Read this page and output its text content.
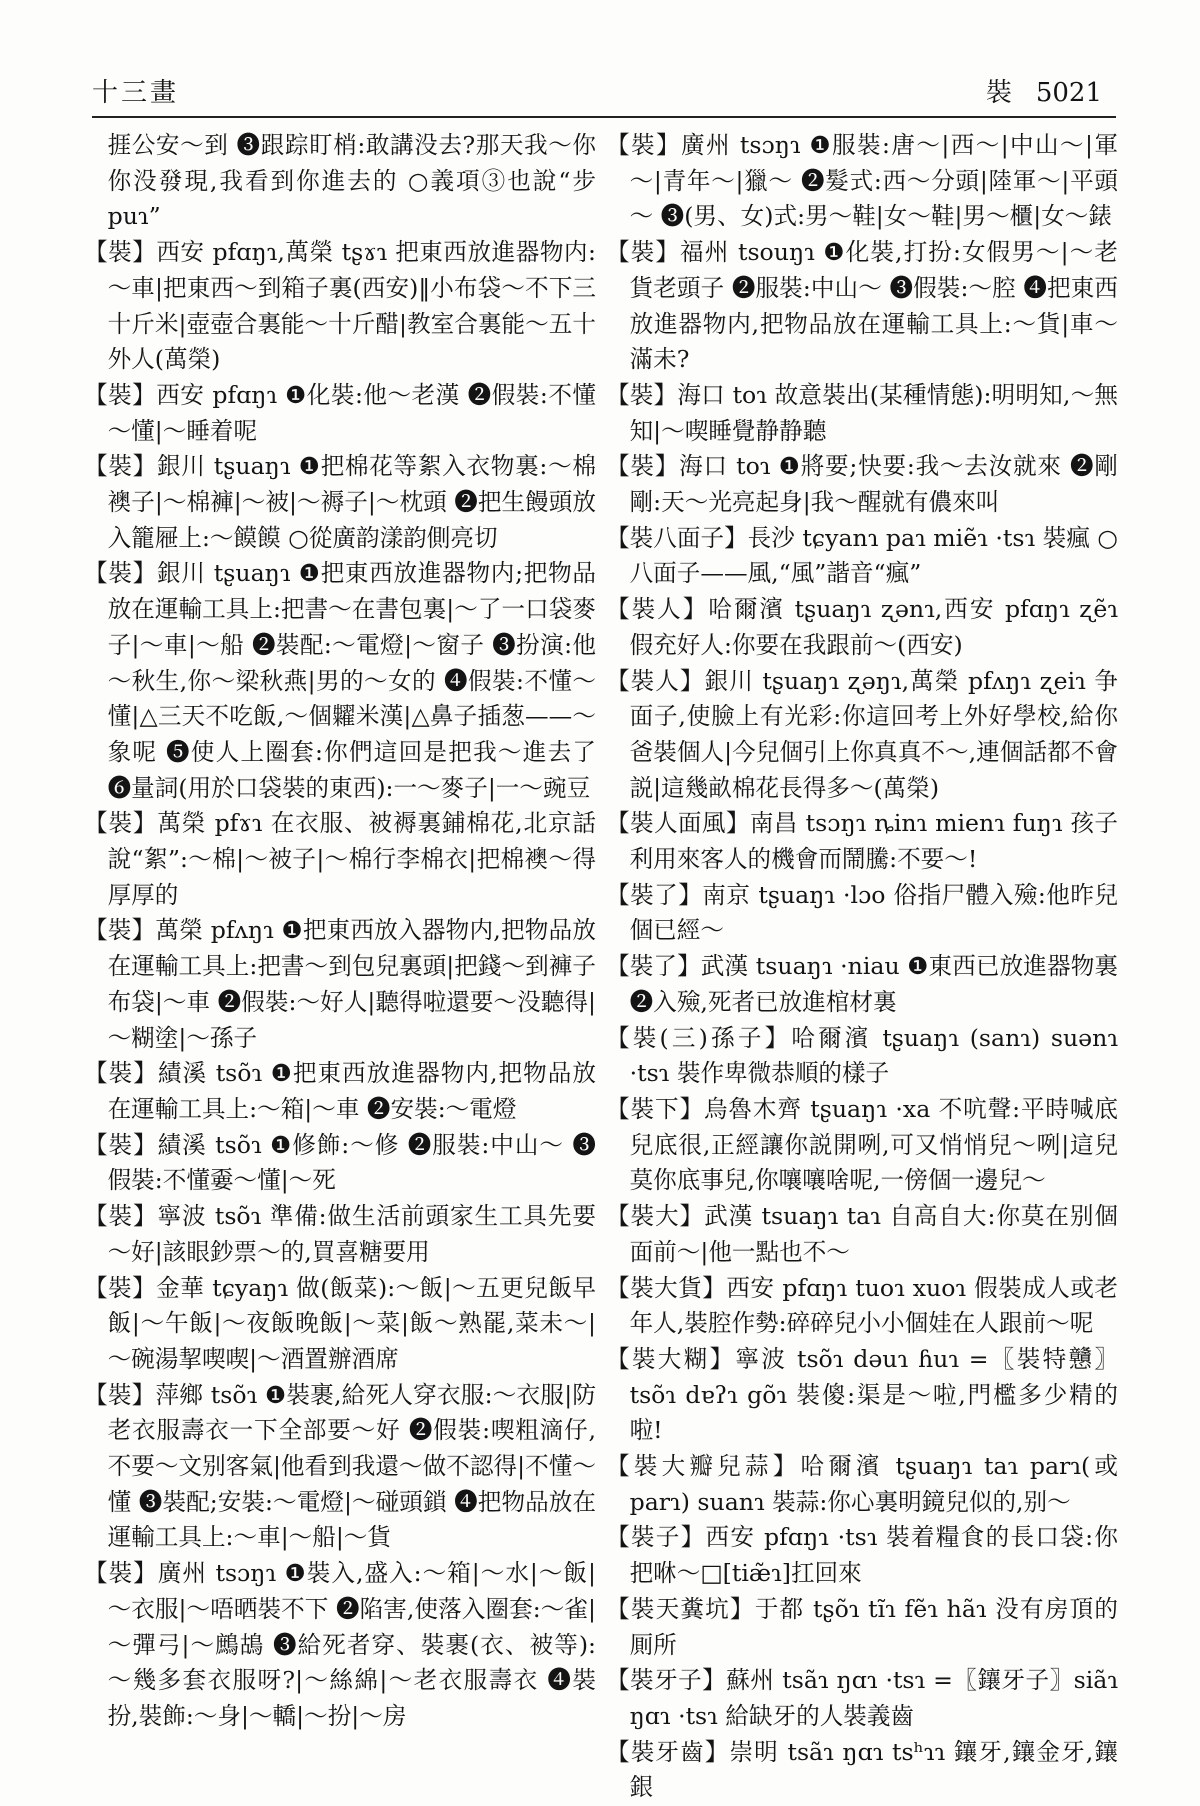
十三畫	裝 5021

捱公安～到 ❸跟踪盯梢:敢講没去?那天我～你你没發現,我看到你進去的 ○義項③也說“步puɿ”

【裝】西安 pfɑŋɿ,萬榮 tʂɤɿ 把東西放進器物内:～車|把東西～到箱子裏(西安)‖小布袋～不下三十斤米|壺壺合裏能～十斤醋|教室合裏能～五十外人(萬榮)

【裝】西安 pfɑŋɿ ❶化裝:他～老漢 ❷假裝:不懂～懂|～睡着呢

【裝】銀川 tʂuaŋɿ ❶把棉花等絮入衣物裏:～棉襖子|～棉褲|～被|～褥子|～枕頭 ❷把生饅頭放入籠屜上:～饃饃 ○從廣韵漾韵側亮切

【裝】銀川 tʂuaŋɿ ❶把東西放進器物内;把物品放在運輸工具上:把書～在書包裏|～了一口袋麥子|～車|～船 ❷裝配:～電燈|～窗子 ❸扮演:他～秋生,你～梁秋燕|男的～女的 ❹假裝:不懂～懂|△三天不吃飯,～個糶米漢|△鼻子插葱——～象呢 ❺使人上圈套:你們這回是把我～進去了 ❻量詞(用於口袋裝的東西):一～麥子|一～豌豆

【裝】萬榮 pfɤɿ 在衣服、被褥裏鋪棉花,北京話說“絮”:～棉|～被子|～棉行李棉衣|把棉襖～得厚厚的

【裝】萬榮 pfʌŋɿ ❶把東西放入器物内,把物品放在運輸工具上:把書～到包兒裏頭|把錢～到褲子布袋|～車 ❷假裝:～好人|聽得啦還要～没聽得|～糊塗|～孫子

【裝】績溪 tsõɿ ❶把東西放進器物内,把物品放在運輸工具上:～箱|～車 ❷安裝:～電燈

【裝】績溪 tsõɿ ❶修飾:～修 ❷服裝:中山～ ❸假裝:不懂嫑～懂|～死

【裝】寧波 tsõɿ 準備:做生活前頭家生工具先要～好|該眼鈔票～的,買喜糖要用

【裝】金華 tɕyaŋɿ 做(飯菜):～飯|～五更兒飯早飯|～午飯|～夜飯晚飯|～菜|飯～熟罷,菜未～|～碗湯挈喫喫|～酒置辦酒席

【裝】萍鄉 tsõɿ ❶裝裹,給死人穿衣服:～衣服|防老衣服壽衣一下全部要～好 ❷假裝:喫粗滴仔,不要～文别客氣|他看到我還～做不認得|不懂～懂 ❸裝配;安裝:～電燈|～碰頭鎖 ❹把物品放在運輸工具上:～車|～船|～貨

【裝】廣州 tsɔŋɿ ❶裝入,盛入:～箱|～水|～飯|～衣服|～唔晒裝不下 ❷陷害,使落入圈套:～雀|～彈弓|～鷓鴣 ❸給死者穿、裝裹(衣、被等):～幾多套衣服呀?|～絲綿|～老衣服壽衣 ❹裝扮,裝飾:～身|～轎|～扮|～房

【裝】廣州 tsɔŋɿ ❶服裝:唐～|西～|中山～|軍～|青年～|獵～ ❷髮式:西～分頭|陸軍～|平頭～ ❸(男、女)式:男～鞋|女～鞋|男～櫃|女～錶

【裝】福州 tsouŋɿ ❶化裝,打扮:女假男～|～老貨老頭子 ❷服裝:中山～ ❸假裝:～腔 ❹把東西放進器物内,把物品放在運輸工具上:～貨|車～滿未?

【裝】海口 toɿ 故意裝出(某種情態):明明知,～無知|～喫睡覺静静聽

【裝】海口 toɿ ❶將要;快要:我～去汝就來 ❷剛剛:天～光亮起身|我～醒就有儂來叫

【裝八面子】長沙 tɕyanɿ paɿ miẽɿ ·tsɿ 裝瘋 ○八面子——風,“風”諧音“瘋”

【裝人】哈爾濱 tʂuaŋɿ ʐənɿ,西安 pfɑŋɿ ʐẽɿ 假充好人:你要在我跟前～(西安)

【裝人】銀川 tʂuaŋɿ ʐəŋɿ,萬榮 pfʌŋɿ ʐeiɿ 争面子,使臉上有光彩:你這回考上外好學校,給你爸裝個人|今兒個引上你真真不～,連個話都不會説|這幾畝棉花長得多～(萬榮)

【裝人面風】南昌 tsɔŋɿ ȵinɿ mienɿ fuŋɿ 孩子利用來客人的機會而鬧騰:不要～!

【裝了】南京 tʂuaŋɿ ·lɔo 俗指尸體入殮:他昨兒個已經～

【裝了】武漢 tsuaŋɿ ·niau ❶東西已放進器物裏 ❷入殮,死者已放進棺材裏

【裝(三)孫子】哈爾濱 tʂuaŋɿ (sanɿ) suənɿ ·tsɿ 裝作卑微恭順的樣子

【裝下】烏魯木齊 tʂuaŋɿ ·xa 不吭聲:平時喊底兒底很,正經讓你説開咧,可又悄悄兒～咧|這兒莫你底事兒,你嚷嚷啥呢,一傍個一邊兒～

【裝大】武漢 tsuaŋɿ taɿ 自高自大:你莫在别個面前～|他一點也不～

【裝大貨】西安 pfɑŋɿ tuoɿ xuoɿ 假裝成人或老年人,裝腔作勢:碎碎兒小小個娃在人跟前～呢

【裝大糊】寧波 tsõɿ dəuɿ ɦuɿ =〖裝特戇〗tsõɿ dɐʔɿ gõɿ 裝傻:渠是～啦,門檻多少精的啦!

【裝大瓣兒蒜】哈爾濱 tʂuaŋɿ taɿ parɿ(或parɿ) suanɿ 裝蒜:你心裏明鏡兒似的,别～

【裝子】西安 pfɑŋɿ ·tsɿ 裝着糧食的長口袋:你把咻～□[tiæ̃ɿ]扛回來

【裝天糞坑】于都 tʂõɿ tĩɿ fẽɿ hãɿ 没有房頂的厠所

【裝牙子】蘇州 tsãɿ ŋɑɿ ·tsɿ =〖鑲牙子〗siãɿ ŋɑɿ ·tsɿ 給缺牙的人裝義齒

【裝牙齒】崇明 tsãɿ ŋɑɿ tsʰɿɿ 鑲牙,鑲金牙,鑲銀
